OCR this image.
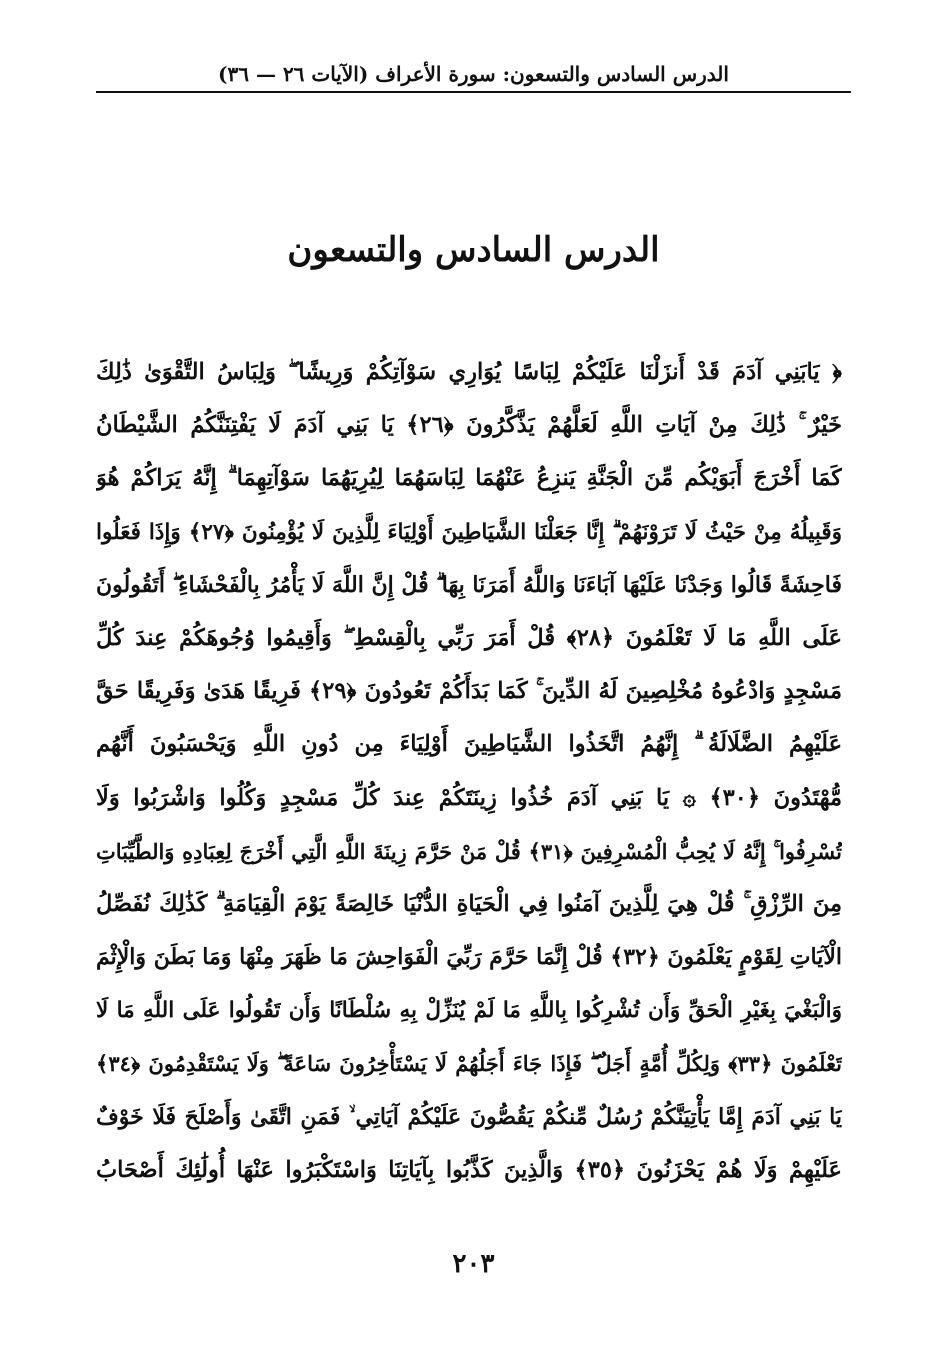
الدرس السادس والتسعون: سورة الأعراف (الآيات ٢٦ — ٣٦)
الدرس السادس والتسعون
﴿ يَابَنِي آدَمَ قَدْ أَنزَلْنَا عَلَيْكُمْ لِبَاسًا يُوَارِي سَوْآتِكُمْ وَرِيشًا ۖ وَلِبَاسُ التَّقْوَىٰ ذَٰلِكَ
خَيْرٌ ۚ ذَٰلِكَ مِنْ آيَاتِ اللَّهِ لَعَلَّهُمْ يَذَّكَّرُونَ ﴿٢٦﴾ يَا بَنِي آدَمَ لَا يَفْتِنَنَّكُمُ الشَّيْطَانُ
كَمَا أَخْرَجَ أَبَوَيْكُم مِّنَ الْجَنَّةِ يَنزِعُ عَنْهُمَا لِبَاسَهُمَا لِيُرِيَهُمَا سَوْآتِهِمَا ۗ إِنَّهُ يَرَاكُمْ هُوَ
وَقَبِيلُهُ مِنْ حَيْثُ لَا تَرَوْنَهُمْ ۗ إِنَّا جَعَلْنَا الشَّيَاطِينَ أَوْلِيَاءَ لِلَّذِينَ لَا يُؤْمِنُونَ ﴿٢٧﴾ وَإِذَا فَعَلُوا
فَاحِشَةً قَالُوا وَجَدْنَا عَلَيْهَا آبَاءَنَا وَاللَّهُ أَمَرَنَا بِهَا ۗ قُلْ إِنَّ اللَّهَ لَا يَأْمُرُ بِالْفَحْشَاءِ ۖ أَتَقُولُونَ
عَلَى اللَّهِ مَا لَا تَعْلَمُونَ ﴿٢٨﴾ قُلْ أَمَرَ رَبِّي بِالْقِسْطِ ۖ وَأَقِيمُوا وُجُوهَكُمْ عِندَ كُلِّ
مَسْجِدٍ وَادْعُوهُ مُخْلِصِينَ لَهُ الدِّينَ ۚ كَمَا بَدَأَكُمْ تَعُودُونَ ﴿٢٩﴾ فَرِيقًا هَدَىٰ وَفَرِيقًا حَقَّ
عَلَيْهِمُ الضَّلَالَةُ ۗ إِنَّهُمُ اتَّخَذُوا الشَّيَاطِينَ أَوْلِيَاءَ مِن دُونِ اللَّهِ وَيَحْسَبُونَ أَنَّهُم
مُّهْتَدُونَ ﴿٣٠﴾ ۞ يَا بَنِي آدَمَ خُذُوا زِينَتَكُمْ عِندَ كُلِّ مَسْجِدٍ وَكُلُوا وَاشْرَبُوا وَلَا
تُسْرِفُوا ۚ إِنَّهُ لَا يُحِبُّ الْمُسْرِفِينَ ﴿٣١﴾ قُلْ مَنْ حَرَّمَ زِينَةَ اللَّهِ الَّتِي أَخْرَجَ لِعِبَادِهِ وَالطَّيِّبَاتِ
مِنَ الرِّزْقِ ۚ قُلْ هِيَ لِلَّذِينَ آمَنُوا فِي الْحَيَاةِ الدُّنْيَا خَالِصَةً يَوْمَ الْقِيَامَةِ ۗ كَذَٰلِكَ نُفَصِّلُ
الْآيَاتِ لِقَوْمٍ يَعْلَمُونَ ﴿٣٢﴾ قُلْ إِنَّمَا حَرَّمَ رَبِّيَ الْفَوَاحِشَ مَا ظَهَرَ مِنْهَا وَمَا بَطَنَ وَالْإِثْمَ
وَالْبَغْيَ بِغَيْرِ الْحَقِّ وَأَن تُشْرِكُوا بِاللَّهِ مَا لَمْ يُنَزِّلْ بِهِ سُلْطَانًا وَأَن تَقُولُوا عَلَى اللَّهِ مَا لَا
تَعْلَمُونَ ﴿٣٣﴾ وَلِكُلِّ أُمَّةٍ أَجَلٌ ۖ فَإِذَا جَاءَ أَجَلُهُمْ لَا يَسْتَأْخِرُونَ سَاعَةً ۖ وَلَا يَسْتَقْدِمُونَ ﴿٣٤﴾
يَا بَنِي آدَمَ إِمَّا يَأْتِيَنَّكُمْ رُسُلٌ مِّنكُمْ يَقُصُّونَ عَلَيْكُمْ آيَاتِي ۙ فَمَنِ اتَّقَىٰ وَأَصْلَحَ فَلَا خَوْفٌ
عَلَيْهِمْ وَلَا هُمْ يَحْزَنُونَ ﴿٣٥﴾ وَالَّذِينَ كَذَّبُوا بِآيَاتِنَا وَاسْتَكْبَرُوا عَنْهَا أُولَٰئِكَ أَصْحَابُ
٢٠٣
